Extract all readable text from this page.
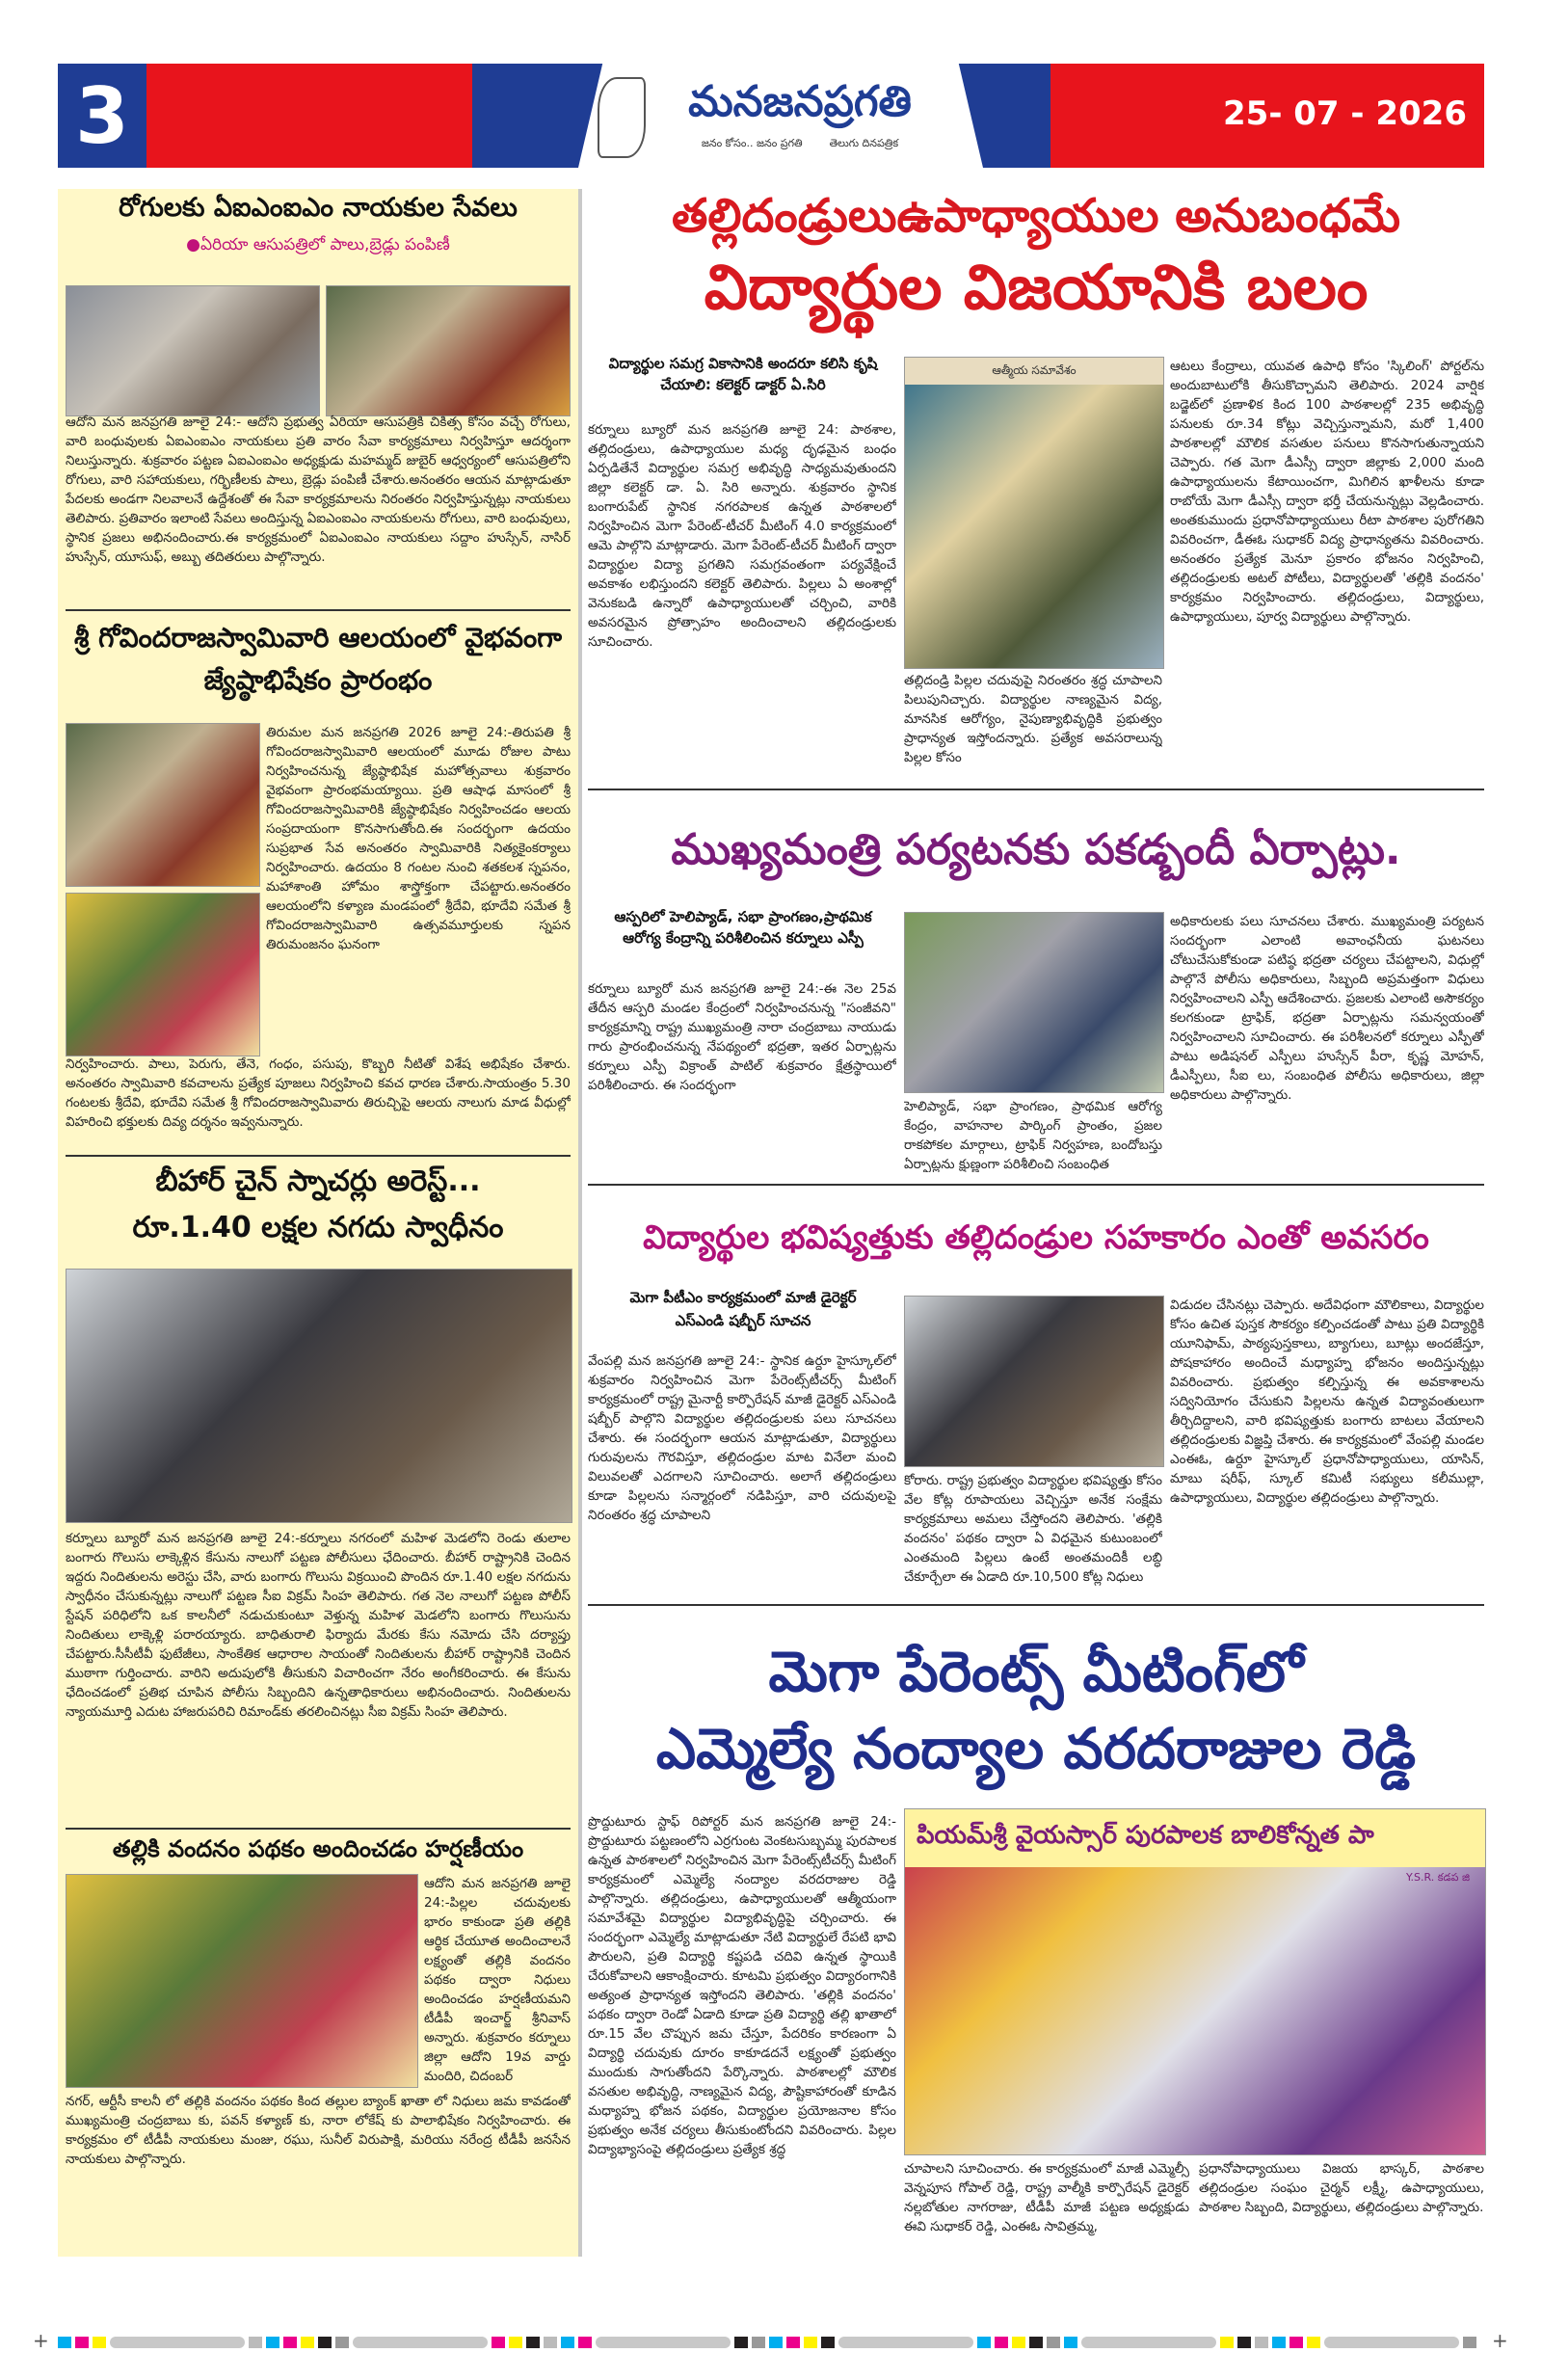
మనజనప్రగతి
జనం కోసం.. జనం ప్రగతి	తెలుగు దినపత్రిక
3	25- 07 - 2026
రోగులకు ఏఐఎంఐఎం నాయకుల సేవలు
●ఏరియా ఆసుపత్రిలో పాలు,బ్రెడ్లు పంపిణీ
ఆదోని మన జనప్రగతి జూలై 24:- ఆదోని ప్రభుత్వ ఏరియా ఆసుపత్రికి చికిత్స కోసం వచ్చే రోగులు, వారి బంధువులకు ఏఐఎంఐఎం నాయకులు ప్రతి వారం సేవా కార్యక్రమాలు నిర్వహిస్తూ ఆదర్శంగా నిలుస్తున్నారు. శుక్రవారం పట్టణ ఏఐఎంఐఎం అధ్యక్షుడు మహమ్మద్ జుబైర్ ఆధ్వర్యంలో ఆసుపత్రిలోని రోగులు, వారి సహాయకులు, గర్భిణీలకు పాలు, బ్రెడ్లు పంపిణీ చేశారు.అనంతరం ఆయన మాట్లాడుతూ పేదలకు అండగా నిలవాలనే ఉద్దేశంతో ఈ సేవా కార్యక్రమాలను నిరంతరం నిర్వహిస్తున్నట్లు నాయకులు తెలిపారు. ప్రతివారం ఇలాంటి సేవలు అందిస్తున్న ఏఐఎంఐఎం నాయకులను రోగులు, వారి బంధువులు, స్థానిక ప్రజలు అభినందించారు.ఈ కార్యక్రమంలో ఏఐఎంఐఎం నాయకులు సద్దాం హుస్సేన్, నాసిర్ హుస్సేన్, యూసుఫ్, అబ్బు తదితరులు పాల్గొన్నారు.
శ్రీ గోవిందరాజస్వామివారి ఆలయంలో వైభవంగా జ్యేష్ఠాభిషేకం ప్రారంభం
తిరుమల మన జనప్రగతి 2026 జూలై 24:-తిరుపతి శ్రీ గోవిందరాజస్వామివారి ఆలయంలో మూడు రోజుల పాటు నిర్వహించనున్న జ్యేష్ఠాభిషేక మహోత్సవాలు శుక్రవారం వైభవంగా ప్రారంభమయ్యాయి. ప్రతి ఆషాఢ మాసంలో శ్రీ గోవిందరాజస్వామివారికి జ్యేష్ఠాభిషేకం నిర్వహించడం ఆలయ సంప్రదాయంగా కొనసాగుతోంది.ఈ సందర్భంగా ఉదయం సుప్రభాత సేవ అనంతరం స్వామివారికి నిత్యకైంకర్యాలు నిర్వహించారు. ఉదయం 8 గంటల నుంచి శతకలశ స్నపనం, మహాశాంతి హోమం శాస్త్రోక్తంగా చేపట్టారు.అనంతరం ఆలయంలోని కళ్యాణ మండపంలో శ్రీదేవి, భూదేవి సమేత శ్రీ గోవిందరాజస్వామివారి ఉత్సవమూర్తులకు స్నపన తిరుమంజనం ఘనంగా
నిర్వహించారు. పాలు, పెరుగు, తేనె, గంధం, పసుపు, కొబ్బరి నీటితో విశేష అభిషేకం చేశారు. అనంతరం స్వామివారి కవచాలను ప్రత్యేక పూజలు నిర్వహించి కవచ ధారణ చేశారు.సాయంత్రం 5.30 గంటలకు శ్రీదేవి, భూదేవి సమేత శ్రీ గోవిందరాజస్వామివారు తిరుచ్చిపై ఆలయ నాలుగు మాడ వీధుల్లో విహరించి భక్తులకు దివ్య దర్శనం ఇవ్వనున్నారు.
బీహార్ చైన్ స్నాచర్లు అరెస్ట్...
రూ.1.40 లక్షల నగదు స్వాధీనం
కర్నూలు బ్యూరో మన జనప్రగతి జూలై 24:-కర్నూలు నగరంలో మహిళ మెడలోని రెండు తులాల బంగారు గొలుసు లాక్కెళ్లిన కేసును నాలుగో పట్టణ పోలీసులు ఛేదించారు. బీహార్ రాష్ట్రానికి చెందిన ఇద్దరు నిందితులను అరెస్టు చేసి, వారు బంగారు గొలుసు విక్రయించి పొందిన రూ.1.40 లక్షల నగదును స్వాధీనం చేసుకున్నట్లు నాలుగో పట్టణ సీఐ విక్రమ్ సింహ తెలిపారు. గత నెల నాలుగో పట్టణ పోలీస్ స్టేషన్ పరిధిలోని ఒక కాలనీలో నడుచుకుంటూ వెళ్తున్న మహిళ మెడలోని బంగారు గొలుసును నిందితులు లాక్కెళ్లి పరారయ్యారు. బాధితురాలి ఫిర్యాదు మేరకు కేసు నమోదు చేసి దర్యాప్తు చేపట్టారు.సీసీటీవీ ఫుటేజీలు, సాంకేతిక ఆధారాల సాయంతో నిందితులను బీహార్ రాష్ట్రానికి చెందిన ముఠాగా గుర్తించారు. వారిని అదుపులోకి తీసుకుని విచారించగా నేరం అంగీకరించారు. ఈ కేసును ఛేదించడంలో ప్రతిభ చూపిన పోలీసు సిబ్బందిని ఉన్నతాధికారులు అభినందించారు. నిందితులను న్యాయమూర్తి ఎదుట హాజరుపరిచి రిమాండ్‌కు తరలించినట్లు సీఐ విక్రమ్ సింహ తెలిపారు.
తల్లికి వందనం పథకం అందించడం హర్షణీయం
ఆదోని మన జనప్రగతి జూలై 24:-పిల్లల చదువులకు భారం కాకుండా ప్రతి తల్లికి ఆర్థిక చేయూత అందించాలనే లక్ష్యంతో తల్లికి వందనం పథకం ద్వారా నిధులు అందించడం హర్షణీయమని టీడీపీ ఇంచార్జ్ శ్రీనివాస్ అన్నారు. శుక్రవారం కర్నూలు జిల్లా ఆదోని 19వ వార్డు మందిరి, చిదంబర్
నగర్, ఆర్టీసీ కాలనీ లో తల్లికి వందనం పథకం కింద తల్లుల బ్యాంక్ ఖాతా లో నిధులు జమ కావడంతో ముఖ్యమంత్రి చంద్రబాబు కు, పవన్ కళ్యాణ్ కు, నారా లోకేష్ కు పాలాభిషేకం నిర్వహించారు. ఈ కార్యక్రమం లో టీడీపీ నాయకులు మంజు, రఘు, సునీల్ విరుపాక్షి, మరియు నరేంద్ర టీడీపీ జనసేన నాయకులు పాల్గొన్నారు.
తల్లిదండ్రులుఉపాధ్యాయుల అనుబంధమే
విద్యార్థుల విజయానికి బలం
విద్యార్థుల సమగ్ర వికాసానికి అందరూ కలిసి కృషి చేయాలి: కలెక్టర్ డాక్టర్ ఏ.సిరి
కర్నూలు బ్యూరో మన జనప్రగతి జూలై 24: పాఠశాల, తల్లిదండ్రులు, ఉపాధ్యాయుల మధ్య దృఢమైన బంధం ఏర్పడితేనే విద్యార్థుల సమగ్ర అభివృద్ధి సాధ్యమవుతుందని జిల్లా కలెక్టర్ డా. ఏ. సిరి అన్నారు. శుక్రవారం స్థానిక బంగారుపేట్ స్థానిక నగరపాలక ఉన్నత పాఠశాలలో నిర్వహించిన మెగా పేరెంట్-టీచర్ మీటింగ్ 4.0 కార్యక్రమంలో ఆమె పాల్గొని మాట్లాడారు. మెగా పేరెంట్-టీచర్ మీటింగ్ ద్వారా విద్యార్థుల విద్యా ప్రగతిని సమగ్రవంతంగా పర్యవేక్షించే అవకాశం లభిస్తుందని కలెక్టర్ తెలిపారు. పిల్లలు ఏ అంశాల్లో వెనుకబడి ఉన్నారో ఉపాధ్యాయులతో చర్చించి, వారికి అవసరమైన ప్రోత్సాహం అందించాలని తల్లిదండ్రులకు సూచించారు.
ఆత్మీయ సమావేశం	ఆటలు కేంద్రాలు, యువత ఉపాధి కోసం 'స్కిలింగ్' పోర్టల్‌ను అందుబాటులోకి తీసుకొచ్చామని తెలిపారు. 2024 వార్షిక బడ్జెట్‌లో ప్రణాళిక కింద 100 పాఠశాలల్లో 235 అభివృద్ధి పనులకు రూ.34 కోట్లు వెచ్చిస్తున్నామని, మరో 1,400 పాఠశాలల్లో మౌలిక వసతుల పనులు కొనసాగుతున్నాయని చెప్పారు. గత మెగా డీఎస్సీ ద్వారా జిల్లాకు 2,000 మంది ఉపాధ్యాయులను కేటాయించగా, మిగిలిన ఖాళీలను కూడా రాబోయే మెగా డీఎస్సీ ద్వారా భర్తీ చేయనున్నట్లు వెల్లడించారు. అంతకుముందు ప్రధానోపాధ్యాయులు రీటా పాఠశాల పురోగతిని వివరించగా, డీఈఓ సుధాకర్ విద్య ప్రాధాన్యతను వివరించారు. అనంతరం ప్రత్యేక మెనూ ప్రకారం భోజనం నిర్వహించి, తల్లిదండ్రులకు అటల్ పోటీలు, విద్యార్థులతో 'తల్లికి వందనం' కార్యక్రమం నిర్వహించారు. తల్లిదండ్రులు, విద్యార్థులు, ఉపాధ్యాయులు, పూర్వ విద్యార్థులు పాల్గొన్నారు.
తల్లిదండ్రి పిల్లల చదువుపై నిరంతరం శ్రద్ధ చూపాలని పిలుపునిచ్చారు. విద్యార్థుల నాణ్యమైన విద్య, మానసిక ఆరోగ్యం, నైపుణ్యాభివృద్ధికి ప్రభుత్వం ప్రాధాన్యత ఇస్తోందన్నారు. ప్రత్యేక అవసరాలున్న పిల్లల కోసం
ముఖ్యమంత్రి పర్యటనకు పకడ్బందీ ఏర్పాట్లు.
ఆస్పరిలో హెలిప్యాడ్, సభా ప్రాంగణం,ప్రాథమిక ఆరోగ్య కేంద్రాన్ని పరిశీలించిన కర్నూలు ఎస్పీ
కర్నూలు బ్యూరో మన జనప్రగతి జూలై 24:-ఈ నెల 25వ తేదీన ఆస్పరి మండల కేంద్రంలో నిర్వహించనున్న "సంజీవని" కార్యక్రమాన్ని రాష్ట్ర ముఖ్యమంత్రి నారా చంద్రబాబు నాయుడు గారు ప్రారంభించనున్న నేపథ్యంలో భద్రతా, ఇతర ఏర్పాట్లను కర్నూలు ఎస్పీ విక్రాంత్ పాటిల్ శుక్రవారం క్షేత్రస్థాయిలో పరిశీలించారు. ఈ సందర్భంగా
హెలిప్యాడ్, సభా ప్రాంగణం, ప్రాథమిక ఆరోగ్య కేంద్రం, వాహనాల పార్కింగ్ ప్రాంతం, ప్రజల రాకపోకల మార్గాలు, ట్రాఫిక్ నిర్వహణ, బందోబస్తు ఏర్పాట్లను క్షుణ్ణంగా పరిశీలించి సంబంధిత
అధికారులకు పలు సూచనలు చేశారు. ముఖ్యమంత్రి పర్యటన సందర్భంగా ఎలాంటి అవాంఛనీయ ఘటనలు చోటుచేసుకోకుండా పటిష్ఠ భద్రతా చర్యలు చేపట్టాలని, విధుల్లో పాల్గొనే పోలీసు అధికారులు, సిబ్బంది అప్రమత్తంగా విధులు నిర్వహించాలని ఎస్పీ ఆదేశించారు. ప్రజలకు ఎలాంటి అసౌకర్యం కలగకుండా ట్రాఫిక్, భద్రతా ఏర్పాట్లను సమన్వయంతో నిర్వహించాలని సూచించారు. ఈ పరిశీలనలో కర్నూలు ఎస్పీతో పాటు అడిషనల్ ఎస్పీలు హుస్సేన్ పీరా, కృష్ణ మోహన్, డీఎస్పీలు, సీఐ లు, సంబంధిత పోలీసు అధికారులు, జిల్లా అధికారులు పాల్గొన్నారు.
విద్యార్థుల భవిష్యత్తుకు తల్లిదండ్రుల సహకారం ఎంతో అవసరం
మెగా పీటీఎం కార్యక్రమంలో మాజీ డైరెక్టర్ ఎస్ఎండి షబ్బీర్ సూచన
వేంపల్లి మన జనప్రగతి జూలై 24:- స్థానిక ఉర్దూ హైస్కూల్‌లో శుక్రవారం నిర్వహించిన మెగా పేరెంట్స్‌టీచర్స్ మీటింగ్ కార్యక్రమంలో రాష్ట్ర మైనార్టీ కార్పొరేషన్ మాజీ డైరెక్టర్ ఎస్ఎండి షబ్బీర్ పాల్గొని విద్యార్థుల తల్లిదండ్రులకు పలు సూచనలు చేశారు. ఈ సందర్భంగా ఆయన మాట్లాడుతూ, విద్యార్థులు గురువులను గౌరవిస్తూ, తల్లిదండ్రుల మాట వినేలా మంచి విలువలతో ఎదగాలని సూచించారు. అలాగే తల్లిదండ్రులు కూడా పిల్లలను సన్మార్గంలో నడిపిస్తూ, వారి చదువులపై నిరంతరం శ్రద్ధ చూపాలని
కోరారు. రాష్ట్ర ప్రభుత్వం విద్యార్థుల భవిష్యత్తు కోసం వేల కోట్ల రూపాయలు వెచ్చిస్తూ అనేక సంక్షేమ కార్యక్రమాలు అమలు చేస్తోందని తెలిపారు. 'తల్లికి వందనం' పథకం ద్వారా ఏ విధమైన కుటుంబంలో ఎంతమంది పిల్లలు ఉంటే అంతమందికీ లబ్ధి చేకూర్చేలా ఈ ఏడాది రూ.10,500 కోట్ల నిధులు
విడుదల చేసినట్లు చెప్పారు. అదేవిధంగా మౌలికాలు, విద్యార్థుల కోసం ఉచిత పుస్తక సౌకర్యం కల్పించడంతో పాటు ప్రతి విద్యార్థికి యూనిఫామ్, పాఠ్యపుస్తకాలు, బ్యాగులు, బూట్లు అందజేస్తూ, పోషకాహారం అందించే మధ్యాహ్న భోజనం అందిస్తున్నట్లు వివరించారు. ప్రభుత్వం కల్పిస్తున్న ఈ అవకాశాలను సద్వినియోగం చేసుకుని పిల్లలను ఉన్నత విద్యావంతులుగా తీర్చిదిద్దాలని, వారి భవిష్యత్తుకు బంగారు బాటలు వేయాలని తల్లిదండ్రులకు విజ్ఞప్తి చేశారు. ఈ కార్యక్రమంలో వేంపల్లి మండల ఎంఈఓ, ఉర్దూ హైస్కూల్ ప్రధానోపాధ్యాయులు, యాసిన్, మాబు షరీఫ్, స్కూల్ కమిటీ సభ్యులు కలీముల్లా, ఉపాధ్యాయులు, విద్యార్థుల తల్లిదండ్రులు పాల్గొన్నారు.
మెగా పేరెంట్స్ మీటింగ్‌లో
ఎమ్మెల్యే నంద్యాల వరదరాజుల రెడ్డి
ప్రొద్దుటూరు స్టాఫ్ రిపోర్టర్ మన జనప్రగతి జూలై 24:- ప్రొద్దుటూరు పట్టణంలోని ఎర్రగుంట వెంకటసుబ్బమ్మ పురపాలక ఉన్నత పాఠశాలలో నిర్వహించిన మెగా పేరెంట్స్‌టీచర్స్ మీటింగ్ కార్యక్రమంలో ఎమ్మెల్యే నంద్యాల వరదరాజుల రెడ్డి పాల్గొన్నారు. తల్లిదండ్రులు, ఉపాధ్యాయులతో ఆత్మీయంగా సమావేశమై విద్యార్థుల విద్యాభివృద్ధిపై చర్చించారు. ఈ సందర్భంగా ఎమ్మెల్యే మాట్లాడుతూ నేటి విద్యార్థులే రేపటి భావి పౌరులని, ప్రతి విద్యార్థి కష్టపడి చదివి ఉన్నత స్థాయికి చేరుకోవాలని ఆకాంక్షించారు. కూటమి ప్రభుత్వం విద్యారంగానికి అత్యంత ప్రాధాన్యత ఇస్తోందని తెలిపారు. 'తల్లికి వందనం' పథకం ద్వారా రెండో ఏడాది కూడా ప్రతి విద్యార్థి తల్లి ఖాతాలో రూ.15 వేల చొప్పున జమ చేస్తూ, పేదరికం కారణంగా ఏ విద్యార్థి చదువుకు దూరం కాకూడదనే లక్ష్యంతో ప్రభుత్వం ముందుకు సాగుతోందని పేర్కొన్నారు. పాఠశాలల్లో మౌలిక వసతుల అభివృద్ధి, నాణ్యమైన విద్య, పౌష్టికాహారంతో కూడిన మధ్యాహ్న భోజన పథకం, విద్యార్థుల ప్రయోజనాల కోసం ప్రభుత్వం అనేక చర్యలు తీసుకుంటోందని వివరించారు. పిల్లల విద్యాభ్యాసంపై తల్లిదండ్రులు ప్రత్యేక శ్రద్ధ
పియమ్‌శ్రీ వైయస్సార్ పురపాలక బాలికోన్నత పా
Y.S.R. కడప జి
చూపాలని సూచించారు. ఈ కార్యక్రమంలో మాజీ ఎమ్మెల్సీ వెన్నపూస గోపాల్ రెడ్డి, రాష్ట్ర వాల్మీకి కార్పొరేషన్ డైరెక్టర్ నల్లబోతుల నాగరాజు, టీడీపీ మాజీ పట్టణ అధ్యక్షుడు ఈవి సుధాకర్ రెడ్డి, ఎంఈఓ సావిత్రమ్మ,
ప్రధానోపాధ్యాయులు విజయ భాస్కర్, పాఠశాల తల్లిదండ్రుల సంఘం చైర్మన్ లక్ష్మీ, ఉపాధ్యాయులు, పాఠశాల సిబ్బంది, విద్యార్థులు, తల్లిదండ్రులు పాల్గొన్నారు.
+	+
